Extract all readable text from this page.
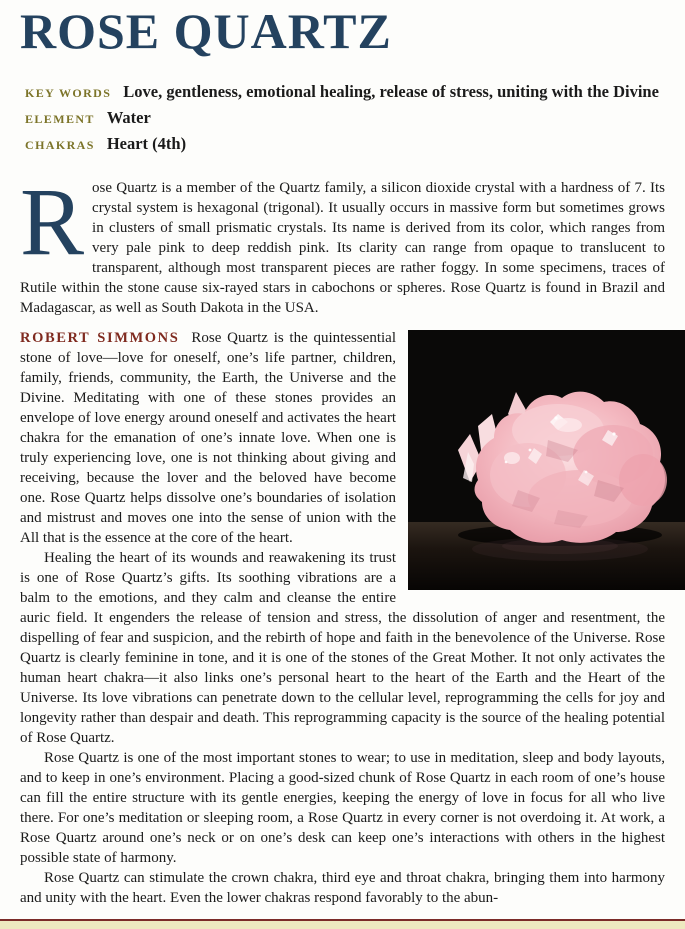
ROSE QUARTZ
KEY WORDS Love, gentleness, emotional healing, release of stress, uniting with the Divine
ELEMENT Water
CHAKRAS Heart (4th)

Rose Quartz is a member of the Quartz family, a silicon dioxide crystal with a hardness of 7. Its crystal system is hexagonal (trigonal). It usually occurs in massive form but sometimes grows in clusters of small prismatic crystals. Its name is derived from its color, which ranges from very pale pink to deep reddish pink. Its clarity can range from opaque to translucent to transparent, although most transparent pieces are rather foggy. In some specimens, traces of Rutile within the stone cause six-rayed stars in cabochons or spheres. Rose Quartz is found in Brazil and Madagascar, as well as South Dakota in the USA.

ROBERT SIMMONS Rose Quartz is the quintessential stone of love—love for oneself, one’s life partner, children, family, friends, community, the Earth, the Universe and the Divine. Meditating with one of these stones provides an envelope of love energy around oneself and activates the heart chakra for the emanation of one’s innate love. When one is truly experiencing love, one is not thinking about giving and receiving, because the lover and the beloved have become one. Rose Quartz helps dissolve one’s boundaries of isolation and mistrust and moves one into the sense of union with the All that is the essence at the core of the heart.

Healing the heart of its wounds and reawakening its trust is one of Rose Quartz’s gifts. Its soothing vibrations are a balm to the emotions, and they calm and cleanse the entire auric field. It engenders the release of tension and stress, the dissolution of anger and resentment, the dispelling of fear and suspicion, and the rebirth of hope and faith in the benevolence of the Universe. Rose Quartz is clearly feminine in tone, and it is one of the stones of the Great Mother. It not only activates the human heart chakra—it also links one’s personal heart to the heart of the Earth and the Heart of the Universe. Its love vibrations can penetrate down to the cellular level, reprogramming the cells for joy and longevity rather than despair and death. This reprogramming capacity is the source of the healing potential of Rose Quartz.

Rose Quartz is one of the most important stones to wear; to use in meditation, sleep and body layouts, and to keep in one’s environment. Placing a good-sized chunk of Rose Quartz in each room of one’s house can fill the entire structure with its gentle energies, keeping the energy of love in focus for all who live there. For one’s meditation or sleeping room, a Rose Quartz in every corner is not overdoing it. At work, a Rose Quartz around one’s neck or on one’s desk can keep one’s interactions with others in the highest possible state of harmony.

Rose Quartz can stimulate the crown chakra, third eye and throat chakra, bringing them into harmony and unity with the heart. Even the lower chakras respond favorably to the abun-
